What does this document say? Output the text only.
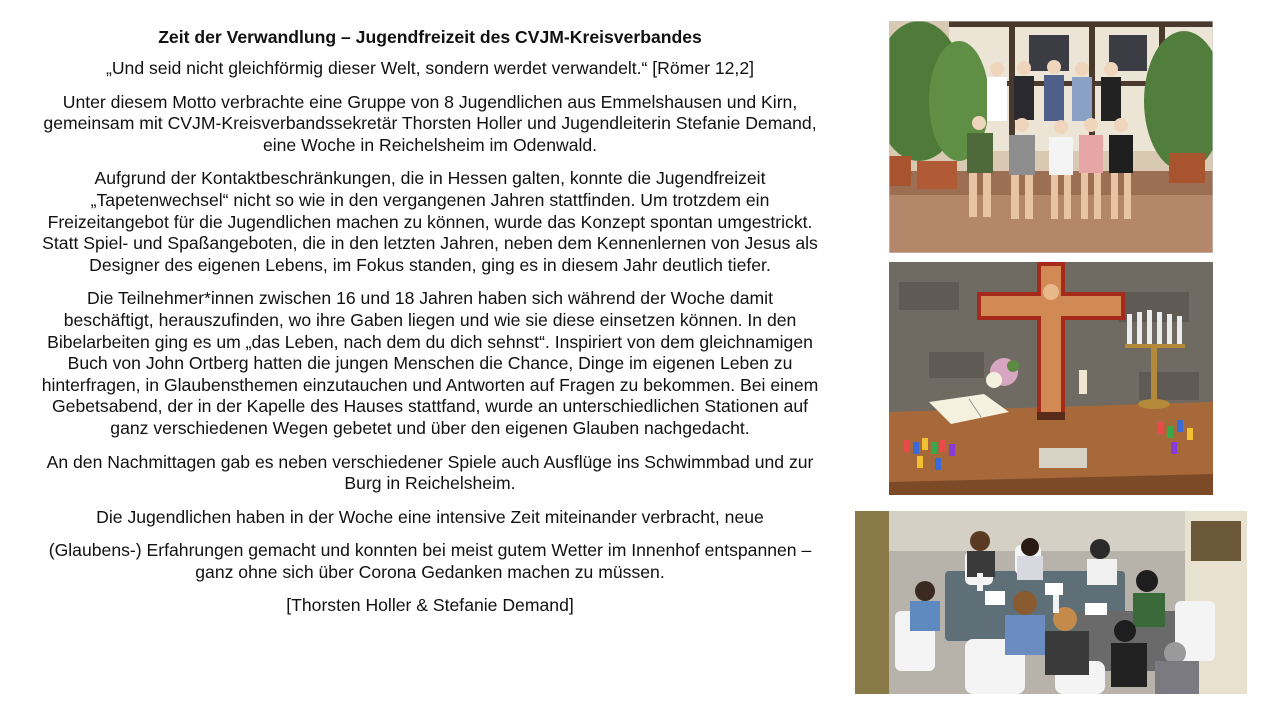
Zeit der Verwandlung – Jugendfreizeit des CVJM-Kreisverbandes

„Und seid nicht gleichförmig dieser Welt, sondern werdet verwandelt.“ [Römer 12,2]

Unter diesem Motto verbrachte eine Gruppe von 8 Jugendlichen aus Emmelshausen und Kirn, gemeinsam mit CVJM-Kreisverbandssekretär Thorsten Holler und Jugendleiterin Stefanie Demand, eine Woche in Reichelsheim im Odenwald.

Aufgrund der Kontaktbeschränkungen, die in Hessen galten, konnte die Jugendfreizeit „Tapetenwechsel“ nicht so wie in den vergangenen Jahren stattfinden. Um trotzdem ein Freizeitangebot für die Jugendlichen machen zu können, wurde das Konzept spontan umgestrickt. Statt Spiel- und Spaßangeboten, die in den letzten Jahren, neben dem Kennenlernen von Jesus als Designer des eigenen Lebens, im Fokus standen, ging es in diesem Jahr deutlich tiefer.

Die Teilnehmer*innen zwischen 16 und 18 Jahren haben sich während der Woche damit beschäftigt, herauszufinden, wo ihre Gaben liegen und wie sie diese einsetzen können. In den Bibelarbeiten ging es um „das Leben, nach dem du dich sehnst“. Inspiriert von dem gleichnamigen Buch von John Ortberg hatten die jungen Menschen die Chance, Dinge im eigenen Leben zu hinterfragen, in Glaubensthemen einzutauchen und Antworten auf Fragen zu bekommen. Bei einem Gebetsabend, der in der Kapelle des Hauses stattfand, wurde an unterschiedlichen Stationen auf ganz verschiedenen Wegen gebetet und über den eigenen Glauben nachgedacht.

An den Nachmittagen gab es neben verschiedener Spiele auch Ausflüge ins Schwimmbad und zur Burg in Reichelsheim.

Die Jugendlichen haben in der Woche eine intensive Zeit miteinander verbracht, neue

(Glaubens-) Erfahrungen gemacht und konnten bei meist gutem Wetter im Innenhof entspannen – ganz ohne sich über Corona Gedanken machen zu müssen.

[Thorsten Holler & Stefanie Demand]
